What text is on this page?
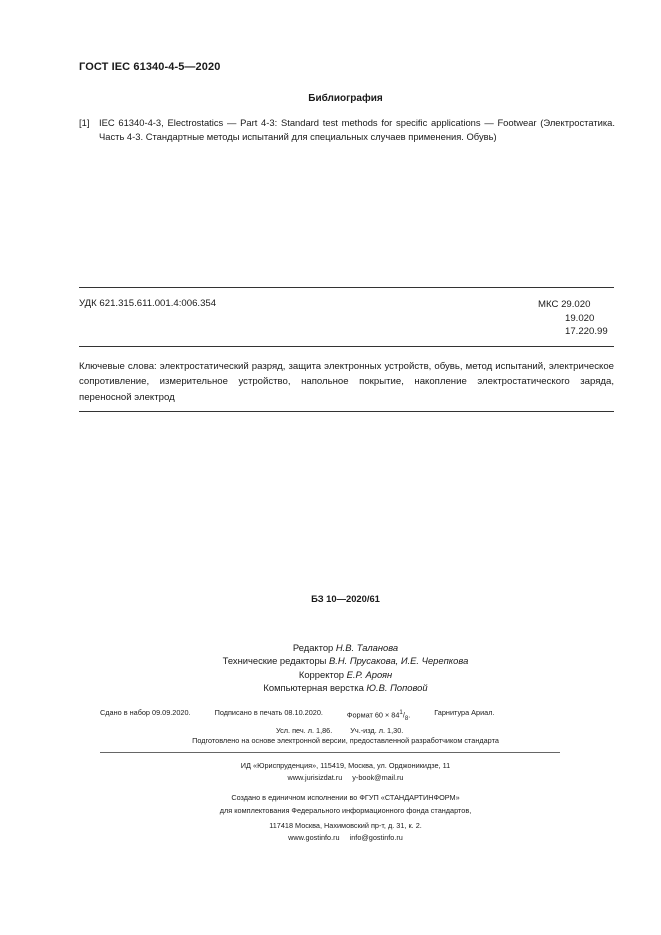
ГОСТ IEC 61340-4-5—2020
Библиография
[1] IEC 61340-4-3, Electrostatics — Part 4-3: Standard test methods for specific applications — Footwear (Электростатика. Часть 4-3. Стандартные методы испытаний для специальных случаев применения. Обувь)
УДК 621.315.611.001.4:006.354	МКС 29.020
19.020
17.220.99
Ключевые слова: электростатический разряд, защита электронных устройств, обувь, метод испытаний, электрическое сопротивление, измерительное устройство, напольное покрытие, накопление электростатического заряда, переносной электрод
БЗ 10—2020/61
Редактор Н.В. Таланова
Технические редакторы В.Н. Прусакова, И.Е. Черепкова
Корректор Е.Р. Ароян
Компьютерная верстка Ю.В. Поповой
Сдано в набор 09.09.2020.	Подписано в печать 08.10.2020.	Формат $60 \times 84^1/_8$.	Гарнитура Ариал.
Усл. печ. л. 1,86. Уч.-изд. л. 1,30.
Подготовлено на основе электронной версии, предоставленной разработчиком стандарта
ИД «Юриспруденция», 115419, Москва, ул. Орджоникидзе, 11
www.jurisizdat.ru y-book@mail.ru
Создано в единичном исполнении во ФГУП «СТАНДАРТИНФОРМ»
для комплектования Федерального информационного фонда стандартов,
117418 Москва, Нахимовский пр-т, д. 31, к. 2.
www.gostinfo.ru info@gostinfo.ru
